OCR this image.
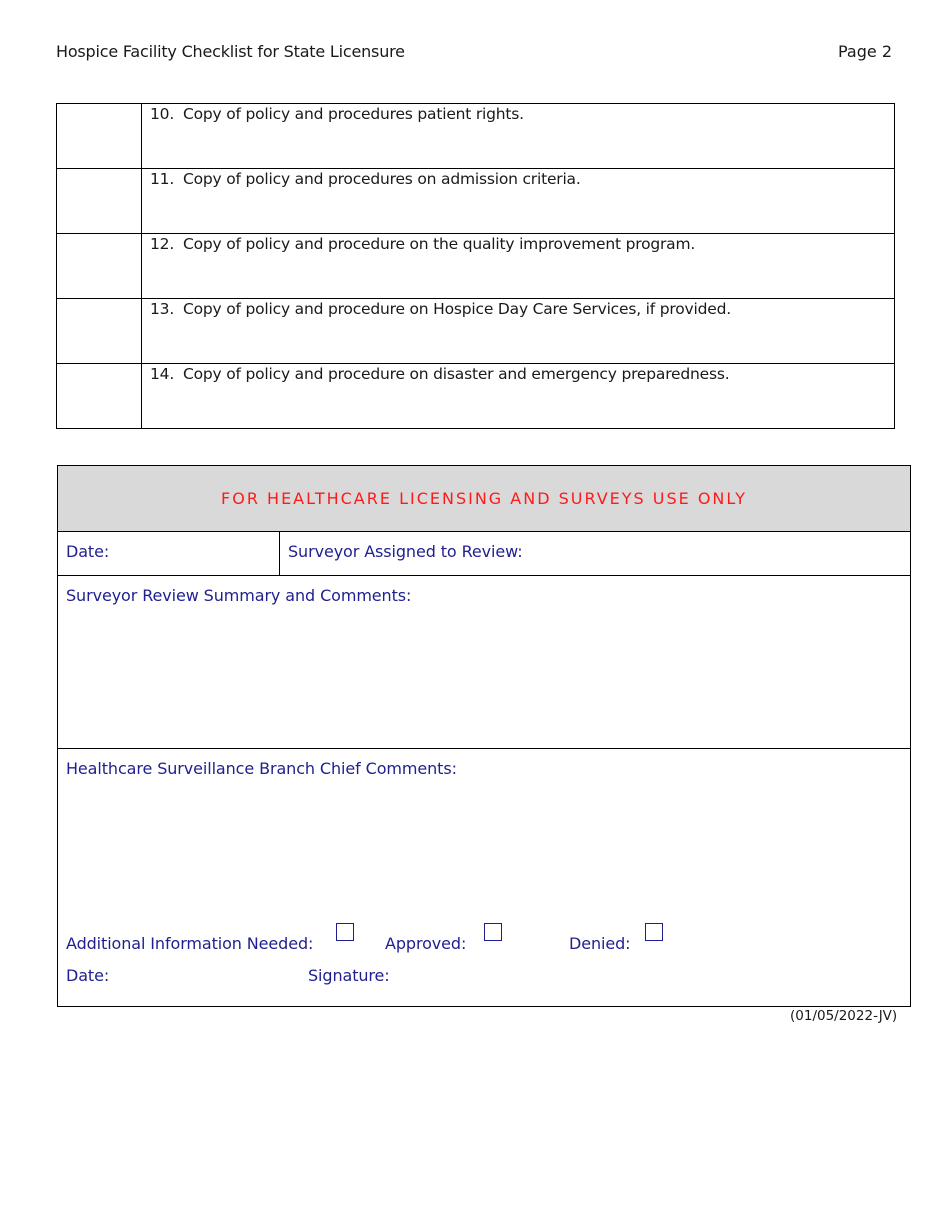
Hospice Facility Checklist for State Licensure	Page 2
	10. Copy of policy and procedures patient rights.
	11. Copy of policy and procedures on admission criteria.
	12. Copy of policy and procedure on the quality improvement program.
	13. Copy of policy and procedure on Hospice Day Care Services, if provided.
	14. Copy of policy and procedure on disaster and emergency preparedness.
FOR HEALTHCARE LICENSING AND SURVEYS USE ONLY
Date:	Surveyor Assigned to Review:
Surveyor Review Summary and Comments:
Healthcare Surveillance Branch Chief Comments:
Additional Information Needed:	Approved:	Denied:
Date:	Signature:
(01/05/2022-JV)
